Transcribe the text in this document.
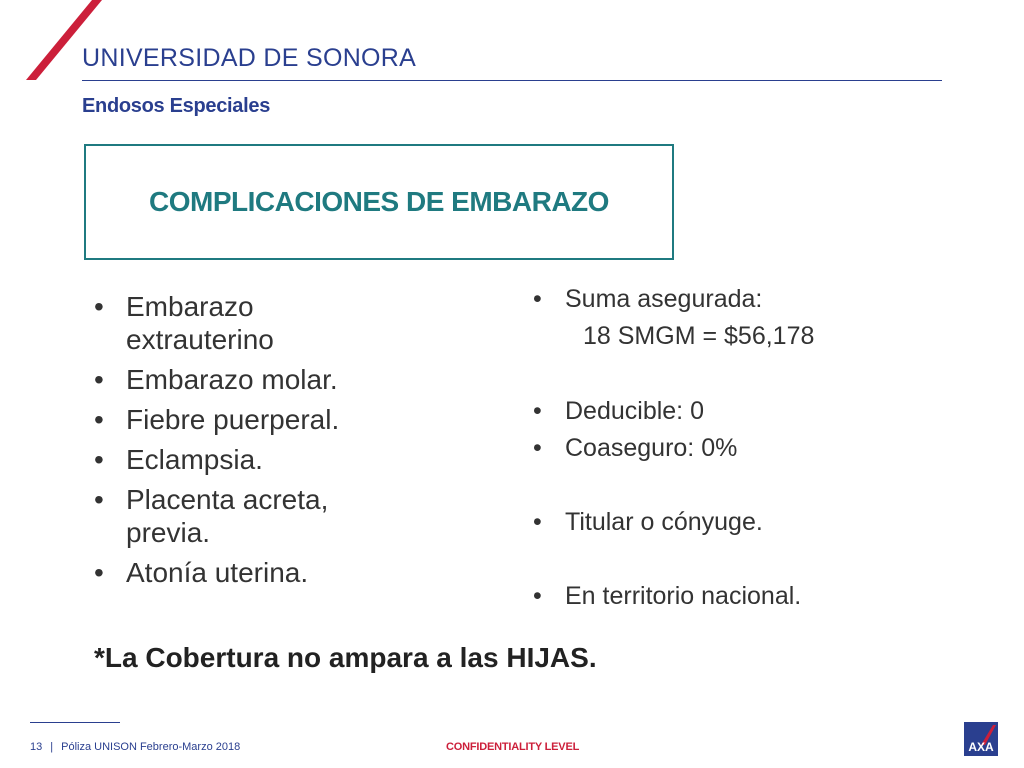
UNIVERSIDAD DE SONORA
Endosos Especiales
COMPLICACIONES DE EMBARAZO
• Embarazo extrauterino
• Embarazo molar.
• Fiebre puerperal.
• Eclampsia.
• Placenta acreta, previa.
• Atonía uterina.
• Suma asegurada:
18 SMGM = $56,178
• Deducible: 0
• Coaseguro: 0%
• Titular o cónyuge.
• En territorio nacional.
*La Cobertura no ampara a las HIJAS.
13 | Póliza UNISON Febrero-Marzo 2018	CONFIDENTIALITY LEVEL	AXA
